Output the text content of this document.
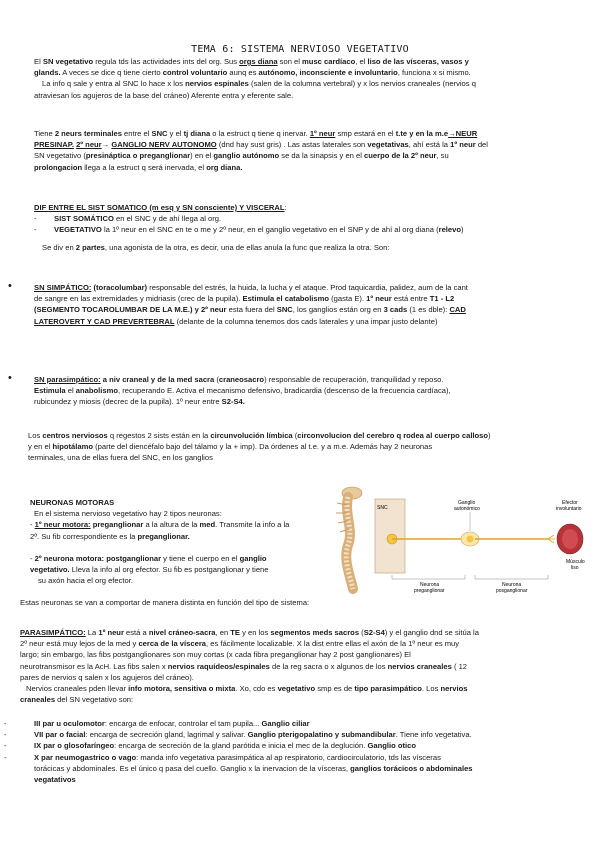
TEMA 6: SISTEMA NERVIOSO VEGETATIVO

El SN vegetativo regula tds las actividades ints del org. Sus orgs diana son el musc cardíaco, el liso de las vísceras, vasos y

glands. A veces se dice q tiene cierto control voluntario aunq es autónomo, inconsciente e involuntario, funciona x si mismo.

La info q sale y entra al SNC lo hace x los nervios espinales (salen de la columna vertebral) y x los nervios craneales (nervios q

atraviesan los agujeros de la base del cráneo) Aferente entra y eferente sale.

Tiene 2 neurs terminales entre el SNC y el tj diana o la estruct q tiene q inervar. 1º neur smp estará en el t.te y en la m.e→NEUR

PRESINAP. 2º neur→ GANGLIO NERV AUTONOMO (dnd hay sust gris) . Las astas laterales son vegetativas, ahí está la 1º neur del

SN vegetativo (presináptica o preganglionar) en el ganglio autónomo se da la sinapsis y en el cuerpo de la 2º neur, su

prolongacion llega a la estruct q será inervada, el org diana.

DIF ENTRE EL SIST SOMATICO (m esq y SN consciente) Y VISCERAL:

- SIST SOMÁTICO en el SNC y de ahí llega al org.
- VEGETATIVO la 1º neur en el SNC en te o me y 2º neur, en el ganglio vegetativo en el SNP y de ahí al org diana (relevo)

Se div en 2 partes, una agonista de la otra, es decir, una de ellas anula la func que realiza la otra. Son:

•	SN SIMPÁTICO: (toracolumbar) responsable del estrés, la huida, la lucha y el ataque. Prod taquicardia, palidez, aum de la cant

de sangre en las extremidades y midriasis (crec de la pupila). Estimula el catabolismo (gasta E). 1º neur está entre T1 - L2

(SEGMENTO TOCAROLUMBAR DE LA M.E.) y 2º neur esta fuera del SNC, los ganglios están org en 3 cads (1 es dble): CAD

LATEROVERT Y CAD PREVERTEBRAL (delante de la columna tenemos dos cads laterales y una impar justo delante)

•	SN parasimpático: a niv craneal y de la med sacra (craneosacro) responsable de recuperación, tranquilidad y reposo.

Estimula el anabolismo, recuperando E. Activa el mecanismo defensivo, bradicardia (descenso de la frecuencia cardíaca),

rubicundez y miosis (decrec de la pupila). 1º neur entre S2-S4.

Los centros nerviosos q regestos 2 sists están en la circunvolución límbica (circonvolucion del cerebro q rodea al cuerpo calloso)

y en el hipotálamo (parte del diencéfalo bajo del tálamo y la + imp). Da órdenes al t.e. y a m.e. Además hay 2 neuronas

terminales, una de ellas fuera del SNC, en los ganglios

NEURONAS MOTORAS

En el sistema nervioso vegetativo hay 2 tipos neuronas:

- 1º neur motora: preganglionar a la altura de la med. Transmite la info a la

2º. Su fib correspondiente es la preganglionar.

- 2º neurona motora: postganglionar y tiene el cuerpo en el ganglio

vegetativo. Lleva la info al org efector. Su fib es postganglionar y tiene

su axón hacia el org efector.

Estas neuronas se van a comportar de manera distinta en función del tipo de sistema:

SNC
Ganglio
autonómico
Efector
involuntario
Músculo
liso
Neurona
preganglionar
Neurona
posganglionar

PARASIMPÁTICO: La 1º neur está a nivel cráneo-sacra, en TE y en los segmentos meds sacros (S2-S4) y el ganglio dnd se sitúa la

2º neur está muy lejos de la med y cerca de la víscera, es fácilmente localizable. X la dist entre ellas el axón de la 1º neur es muy

largo; sin embargo, las fibs postganglionares son muy cortas (x cada fibra preganglionar hay 2 post ganglionares) El

neurotransmisor es la AcH. Las fibs salen x nervios raquídeos/espinales de la reg sacra o x algunos de los nervios craneales ( 12

pares de nervios q salen x los agujeros del cráneo).

Nervios craneales pden llevar info motora, sensitiva o mixta. Xo, cdo es vegetativo smp es de tipo parasimpático. Los nervios

craneales del SN vegetativo son:

-	III par u oculomotor: encarga de enfocar, controlar el tam pupila... Ganglio ciliar
-	VII par o facial: encarga de secreción gland, lagrimal y salivar. Ganglio pterigopalatino y submandibular. Tiene info vegetativa.
-	IX par o glosofaríngeo: encarga de secreción de la gland parótida e inicia el mec de la deglución. Ganglio otico
-	X par neumogastrico o vago: manda info vegetativa parasimpática al ap respiratorio, cardiocirculatorio, tds las vísceras

torácicas y abdominales. Es el único q pasa del cuello. Ganglio x la inervacion de la vísceras, ganglios torácicos o abdominales

vegatativos
